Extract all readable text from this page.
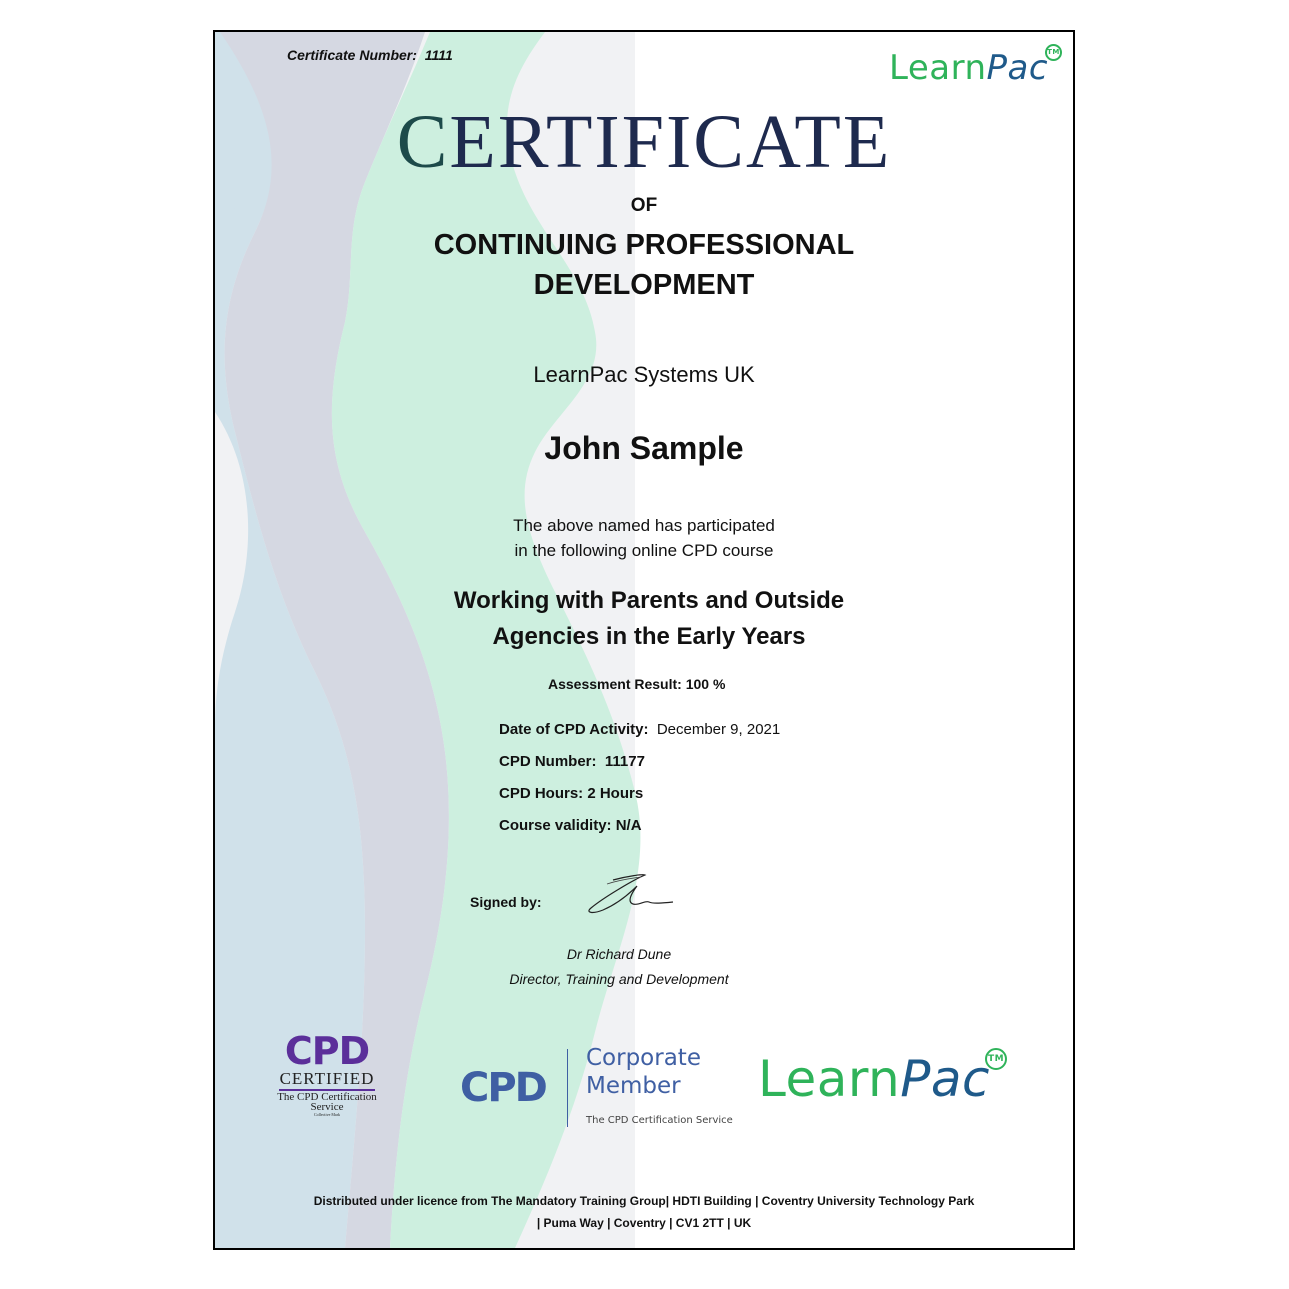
Certificate Number: 1111	LearnPac TM
CERTIFICATE
OF
CONTINUING PROFESSIONAL
DEVELOPMENT
LearnPac Systems UK
John Sample
The above named has participated
in the following online CPD course
Working with Parents and Outside
Agencies in the Early Years
Assessment Result: 100 %
Date of CPD Activity: December 9, 2021
CPD Number: 11177
CPD Hours: 2 Hours
Course validity: N/A
Signed by:
Dr Richard Dune
Director, Training and Development
CPD
CERTIFIED
The CPD Certification
Service
Collective Mark
CPD
Corporate
Member
The CPD Certification Service
LearnPac
TM
Distributed under licence from The Mandatory Training Group| HDTI Building | Coventry University Technology Park
| Puma Way | Coventry | CV1 2TT | UK
